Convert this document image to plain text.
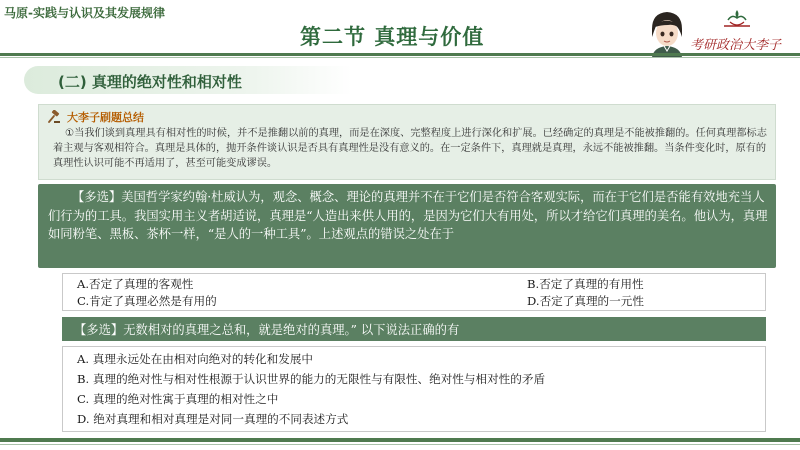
马原-实践与认识及其发展规律
第二节 真理与价值	考研政治大李子
(二) 真理的绝对性和相对性
大李子刷题总结
①当我们谈到真理具有相对性的时候，并不是推翻以前的真理，而是在深度、完整程度上进行深化和扩展。已经确定的真理是不能被推翻的。任何真理都标志着主观与客观相符合。真理是具体的，抛开条件谈认识是否具有真理性是没有意义的。在一定条件下，真理就是真理，永远不能被推翻。当条件变化时，原有的真理性认识可能不再适用了，甚至可能变成谬误。
【多选】美国哲学家约翰·杜威认为，观念、概念、理论的真理并不在于它们是否符合客观实际，而在于它们是否能有效地充当人们行为的工具。我国实用主义者胡适说，真理是“人造出来供人用的，是因为它们大有用处，所以才给它们真理的美名。他认为，真理如同粉笔、黑板、茶杯一样，“是人的一种工具”。上述观点的错误之处在于
A.否定了真理的客观性	B.否定了真理的有用性
C.肯定了真理必然是有用的	D.否定了真理的一元性
【多选】无数相对的真理之总和，就是绝对的真理。” 以下说法正确的有
A. 真理永远处在由相对向绝对的转化和发展中
B. 真理的绝对性与相对性根源于认识世界的能力的无限性与有限性、绝对性与相对性的矛盾
C. 真理的绝对性寓于真理的相对性之中
D. 绝对真理和相对真理是对同一真理的不同表述方式
